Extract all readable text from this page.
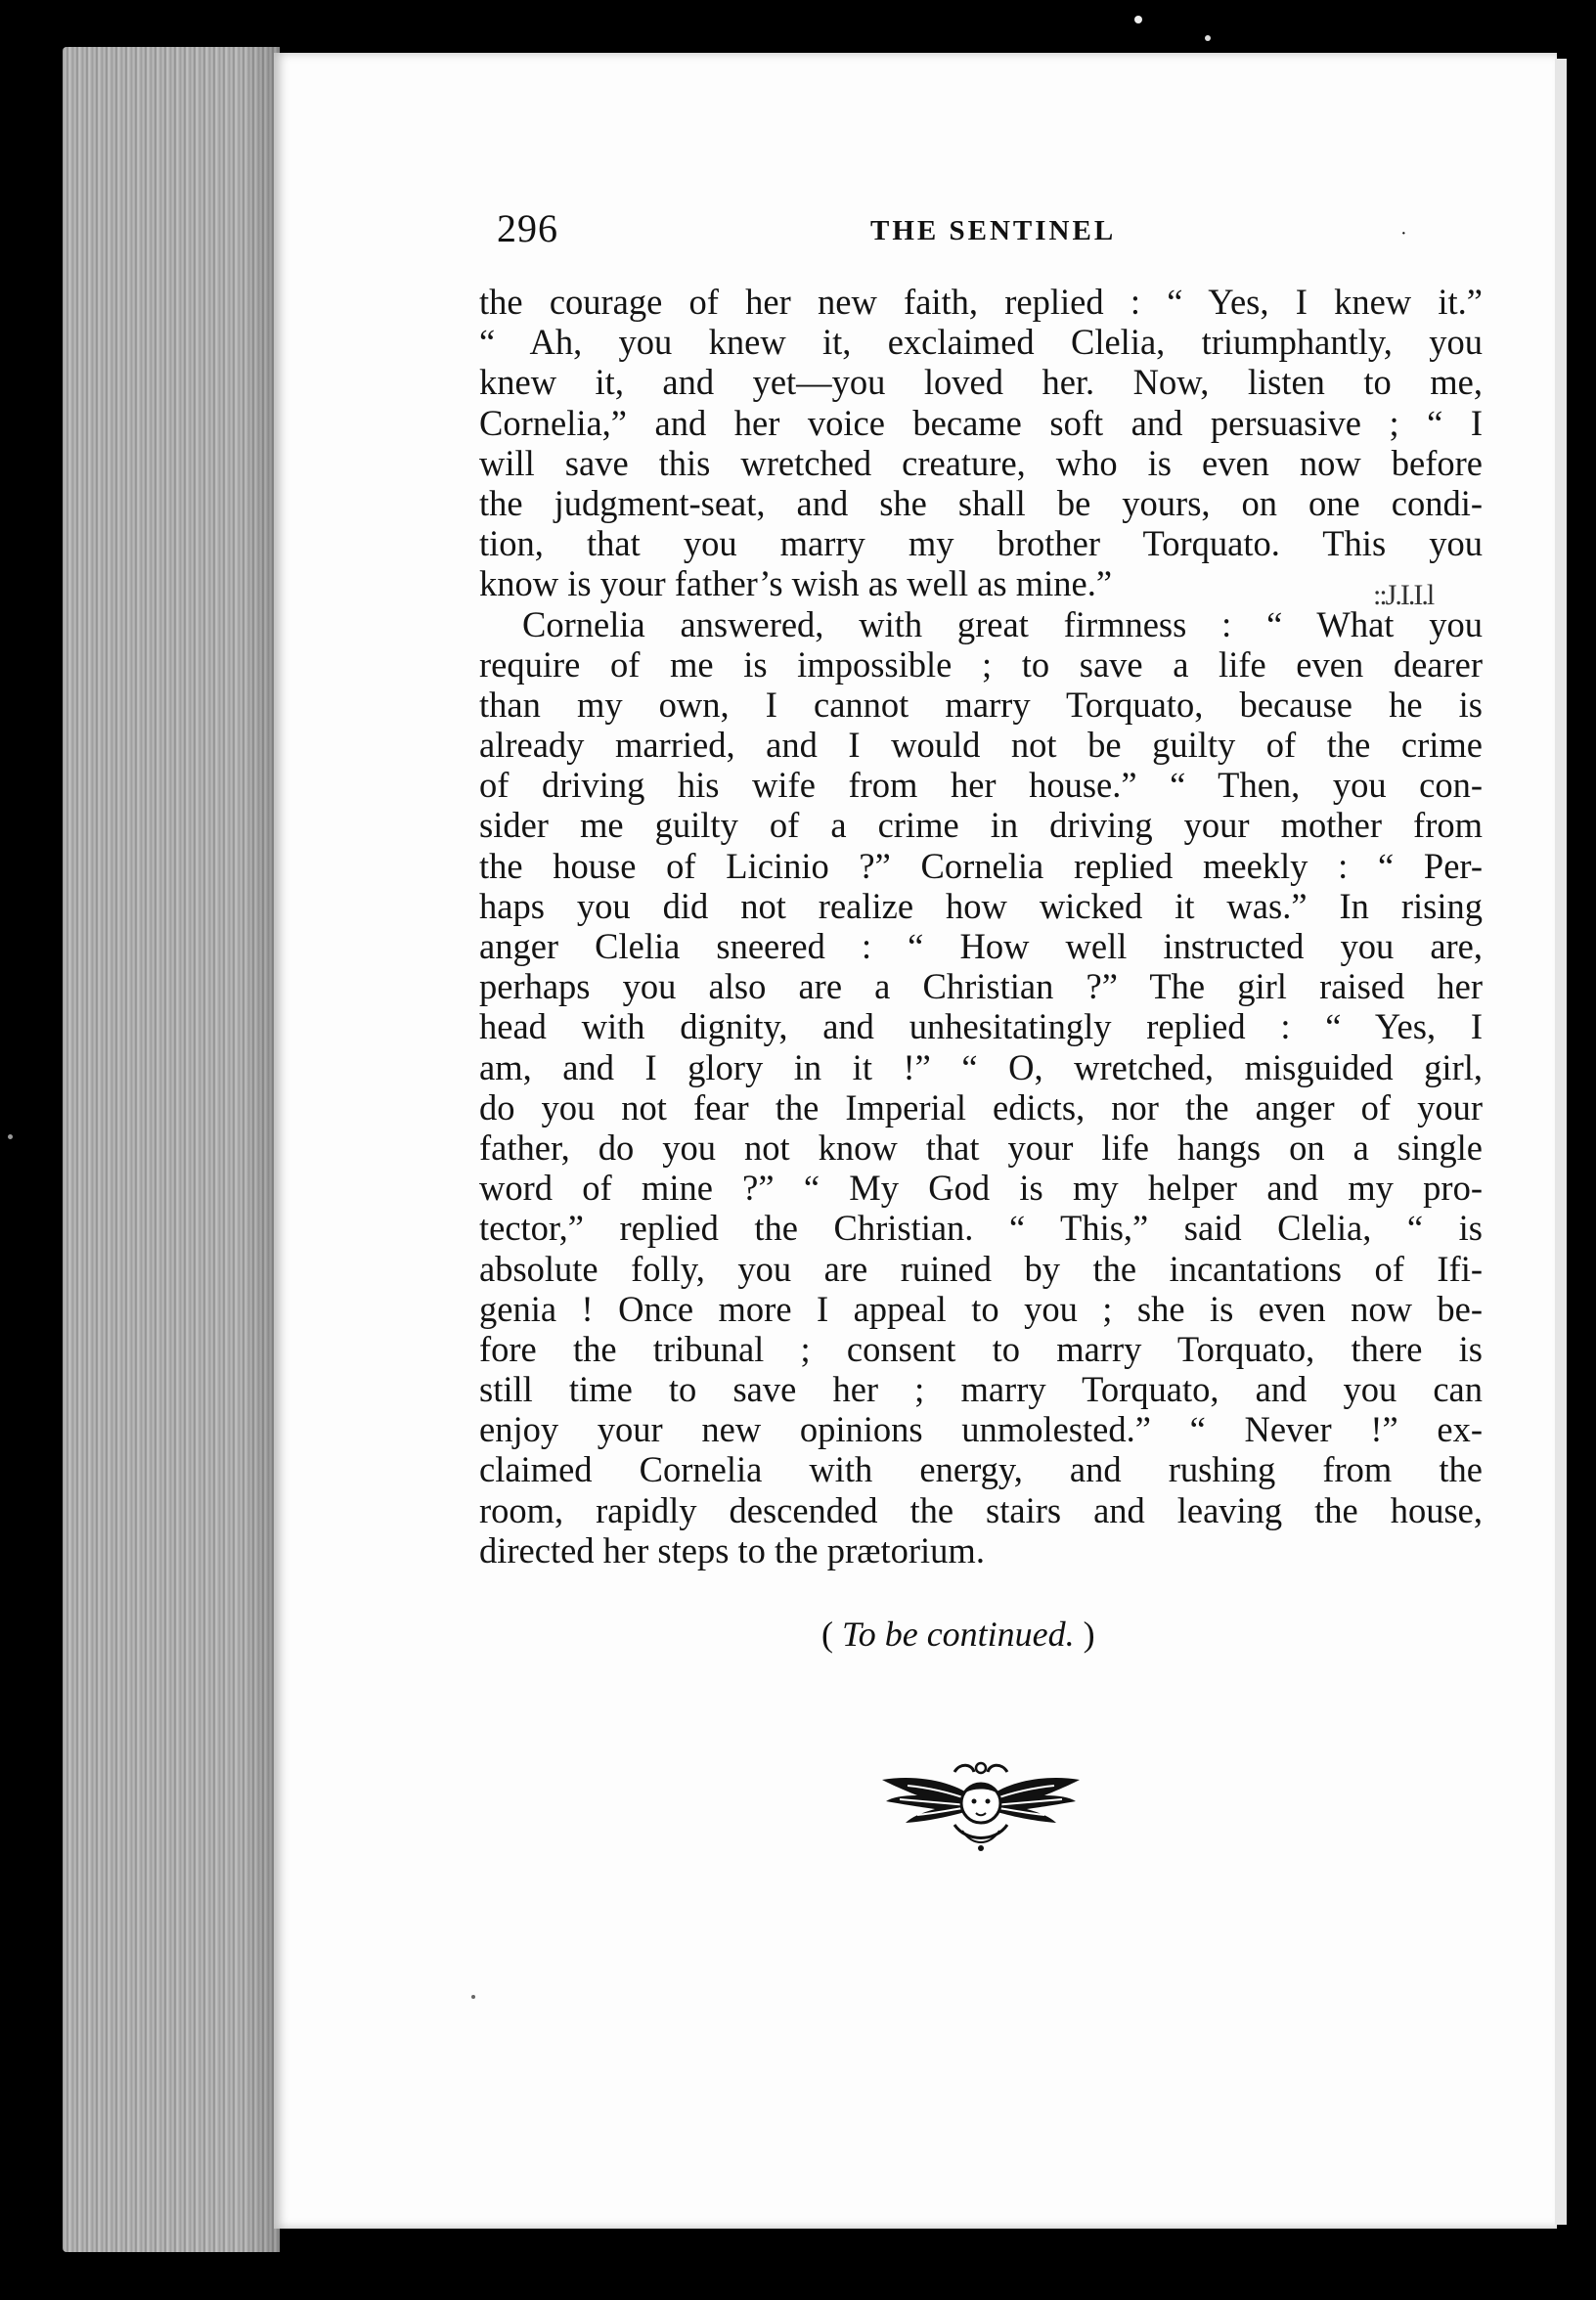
296	THE SENTINEL	·
the courage of her new faith, replied : “ Yes, I knew it.”
“ Ah, you knew it, exclaimed Clelia, triumphantly, you
knew it, and yet—you loved her. Now, listen to me,
Cornelia,” and her voice became soft and persuasive ; “ I
will save this wretched creature, who is even now before
the judgment-seat, and she shall be yours, on one condi-
tion, that you marry my brother Torquato. This you
know is your father’s wish as well as mine.”
Cornelia answered, with great firmness : “ What you
require of me is impossible ; to save a life even dearer
than my own, I cannot marry Torquato, because he is
already married, and I would not be guilty of the crime
of driving his wife from her house.” “ Then, you con-
sider me guilty of a crime in driving your mother from
the house of Licinio ?” Cornelia replied meekly : “ Per-
haps you did not realize how wicked it was.” In rising
anger Clelia sneered : “ How well instructed you are,
perhaps you also are a Christian ?” The girl raised her
head with dignity, and unhesitatingly replied : “ Yes, I
am, and I glory in it !” “ O, wretched, misguided girl,
do you not fear the Imperial edicts, nor the anger of your
father, do you not know that your life hangs on a single
word of mine ?” “ My God is my helper and my pro-
tector,” replied the Christian. “ This,” said Clelia, “ is
absolute folly, you are ruined by the incantations of Ifi-
genia ! Once more I appeal to you ; she is even now be-
fore the tribunal ; consent to marry Torquato, there is
still time to save her ; marry Torquato, and you can
enjoy your new opinions unmolested.” “ Never !” ex-
claimed Cornelia with energy, and rushing from the
room, rapidly descended the stairs and leaving the house,
directed her steps to the prætorium.
( To be continued. )
::J.I.I.l
